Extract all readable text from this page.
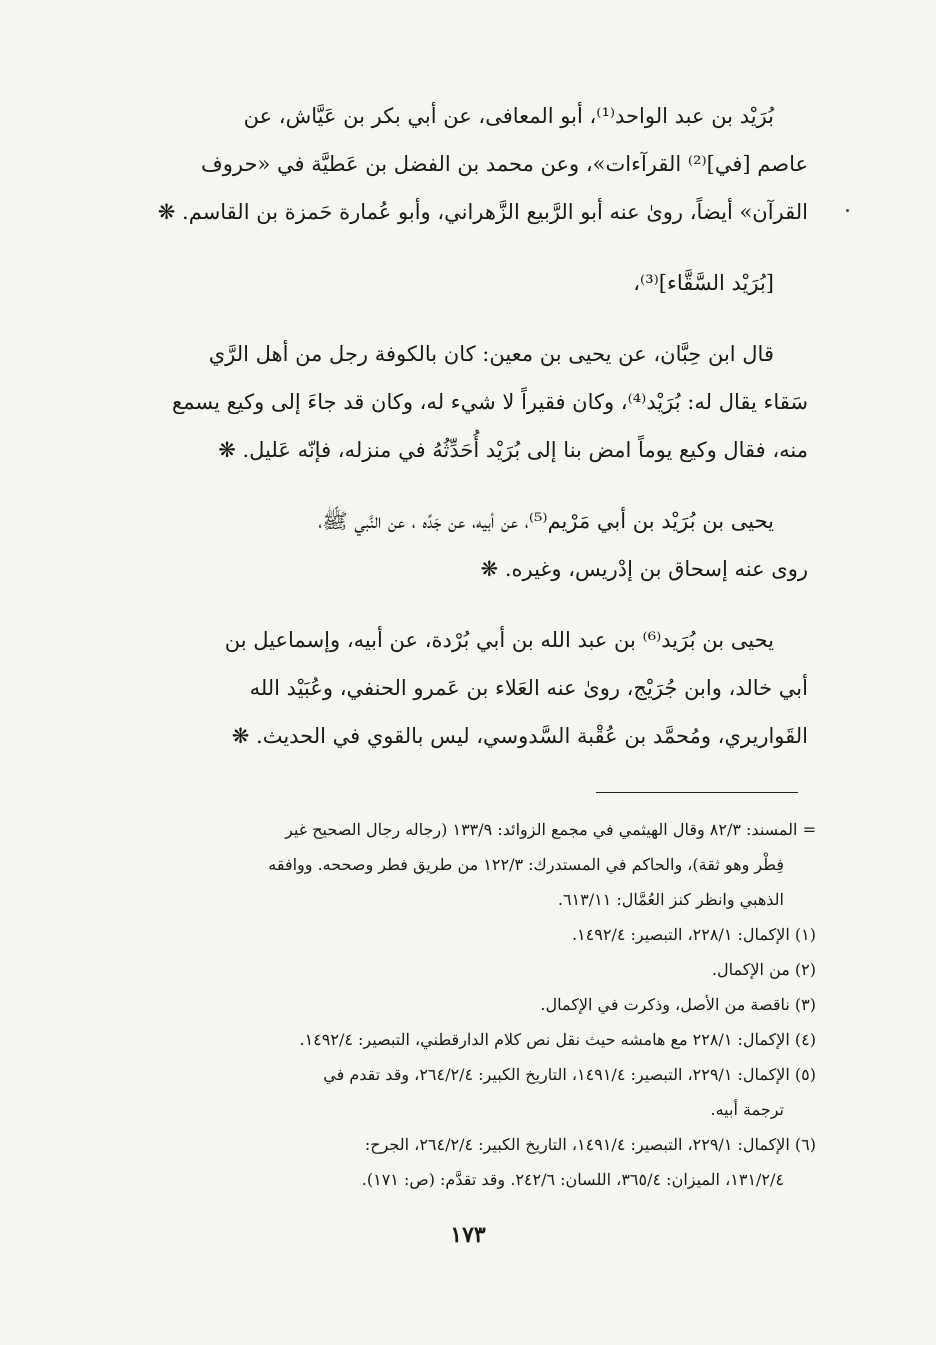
بُرَيْد بن عبد الواحد⁽¹⁾، أبو المعافى، عن أبي بكر بن عَيَّاش، عن

عاصم [في]⁽²⁾ القرآءات»، وعن محمد بن الفضل بن عَطيَّة في «حروف

القرآن» أيضاً، روىٰ عنه أبو الرَّبيع الزَّهراني، وأبو عُمارة حَمزة بن القاسم. ❋

[بُرَيْد السَّقَّاء]⁽³⁾،

قال ابن حِبَّان، عن يحيى بن معين: كان بالكوفة رجل من أهل الرَّي

سَقاء يقال له: بُرَيْد⁽⁴⁾، وكان فقيراً لا شيء له، وكان قد جاءَ إلى وكيع يسمع

منه، فقال وكيع يوماً امض بنا إلى بُرَيْد أُحَدِّثُهُ في منزله، فإنّه عَليل. ❋

يحيى بن بُرَيْد بن أبي مَرْيم⁽⁵⁾، عن أبيه، عن جَدِّه ، عن النَّبي ﷺ،

روى عنه إسحاق بن إدْريس، وغيره. ❋

يحيى بن بُرَيد⁽⁶⁾ بن عبد الله بن أبي بُرْدة، عن أبيه، وإسماعيل بن

أبي خالد، وابن جُرَيْج، روىٰ عنه العَلاء بن عَمرو الحنفي، وعُبَيْد الله

القَواريري، ومُحمَّد بن عُقْبة السَّدوسي، ليس بالقوي في الحديث. ❋

= المسند: ٨٢/٣ وقال الهيثمي في مجمع الزوائد: ١٣٣/٩ (رجاله رجال الصحيح غير

فِطْر وهو ثقة)، والحاكم في المستدرك: ١٢٢/٣ من طريق فطر وصححه. ووافقه

الذهبي وانظر كنز العُمَّال: ٦١٣/١١.

(١) الإكمال: ٢٢٨/١، التبصير: ١٤٩٢/٤.

(٢) من الإكمال.

(٣) ناقصة من الأصل، وذكرت في الإكمال.

(٤) الإكمال: ٢٢٨/١ مع هامشه حيث نقل نص كلام الدارقطني، التبصير: ١٤٩٢/٤.

(٥) الإكمال: ٢٢٩/١، التبصير: ١٤٩١/٤، التاريخ الكبير: ٢٦٤/٢/٤، وقد تقدم في

ترجمة أبيه.

(٦) الإكمال: ٢٢٩/١، التبصير: ١٤٩١/٤، التاريخ الكبير: ٢٦٤/٢/٤، الجرح:

١٣١/٢/٤، الميزان: ٣٦٥/٤، اللسان: ٢٤٢/٦. وقد تقدَّم: (ص: ١٧١).

١٧٣
